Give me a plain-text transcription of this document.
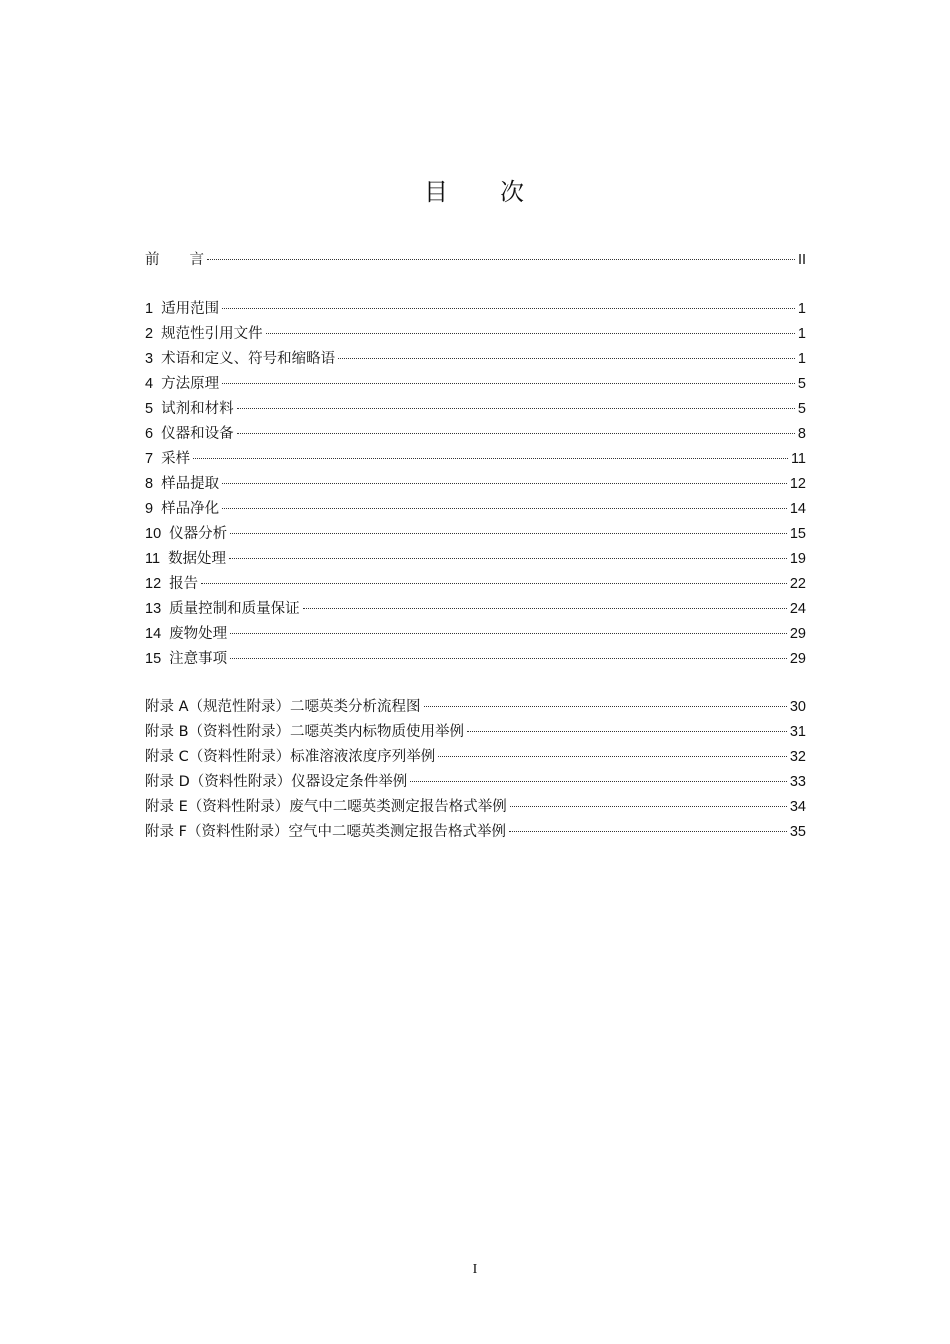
目 次
前 言	II
1 适用范围	1
2 规范性引用文件	1
3 术语和定义、符号和缩略语	1
4 方法原理	5
5 试剂和材料	5
6 仪器和设备	8
7 采样	11
8 样品提取	12
9 样品净化	14
10 仪器分析	15
11 数据处理	19
12 报告	22
13 质量控制和质量保证	24
14 废物处理	29
15 注意事项	29
附录 A（规范性附录）二噁英类分析流程图	30
附录 B（资料性附录）二噁英类内标物质使用举例	31
附录 C（资料性附录）标准溶液浓度序列举例	32
附录 D（资料性附录）仪器设定条件举例	33
附录 E（资料性附录）废气中二噁英类测定报告格式举例	34
附录 F（资料性附录）空气中二噁英类测定报告格式举例	35
I
